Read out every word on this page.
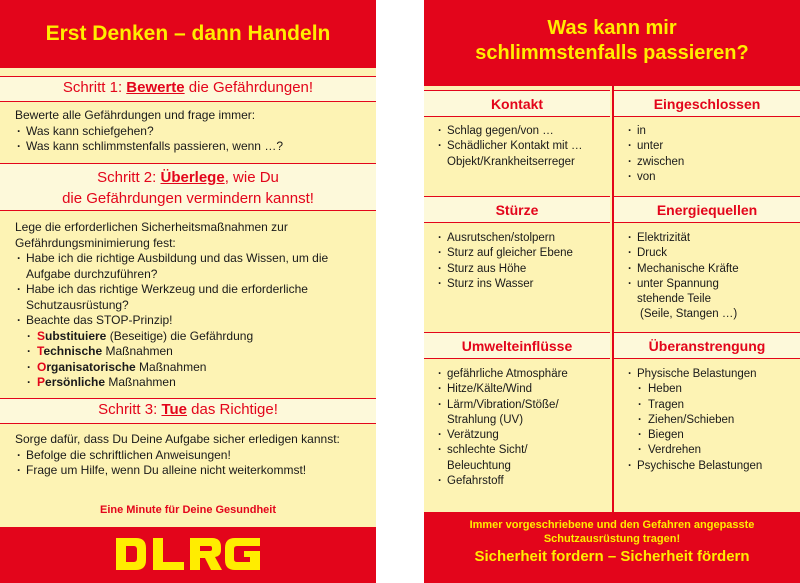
Erst Denken – dann Handeln
Schritt 1: Bewerte die Gefährdungen!

Bewerte alle Gefährdungen und frage immer:

· Was kann schiefgehen?
· Was kann schlimmstenfalls passieren, wenn …?
Schritt 2: Überlege, wie Du
die Gefährdungen vermindern kannst!

Lege die erforderlichen Sicherheitsmaßnahmen zur Gefährdungsminimierung fest:

· Habe ich die richtige Ausbildung und das Wissen, um die Aufgabe durchzuführen?
· Habe ich das richtige Werkzeug und die erforderliche Schutzausrüstung?
· Beachte das STOP-Prinzip!
· Substituiere (Beseitige) die Gefährdung
· Technische Maßnahmen
· Organisatorische Maßnahmen
· Persönliche Maßnahmen
Schritt 3: Tue das Richtige!

Sorge dafür, dass Du Deine Aufgabe sicher erledigen kannst:

· Befolge die schriftlichen Anweisungen!
· Frage um Hilfe, wenn Du alleine nicht weiterkommst!
Eine Minute für Deine Gesundheit
Was kann mir
schlimmstenfalls passieren?
Kontakt	Eingeschlossen
· Schlag gegen/von …
· Schädlicher Kontakt mit … Objekt/Krankheitserreger
· in
· unter
· zwischen
· von
Stürze	Energiequellen
· Ausrutschen/stolpern
· Sturz auf gleicher Ebene
· Sturz aus Höhe
· Sturz ins Wasser
· Elektrizität
· Druck
· Mechanische Kräfte
· unter Spannung stehende Teile
(Seile, Stangen …)
Umwelteinflüsse	Überanstrengung
· gefährliche Atmosphäre
· Hitze/Kälte/Wind
· Lärm/Vibration/Stöße/ Strahlung (UV)
· Verätzung
· schlechte Sicht/ Beleuchtung
· Gefahrstoff
· Physische Belastungen
· Heben
· Tragen
· Ziehen/Schieben
· Biegen
· Verdrehen
· Psychische Belastungen
Immer vorgeschriebene und den Gefahren angepasste
Schutzausrüstung tragen!
Sicherheit fordern – Sicherheit fördern
